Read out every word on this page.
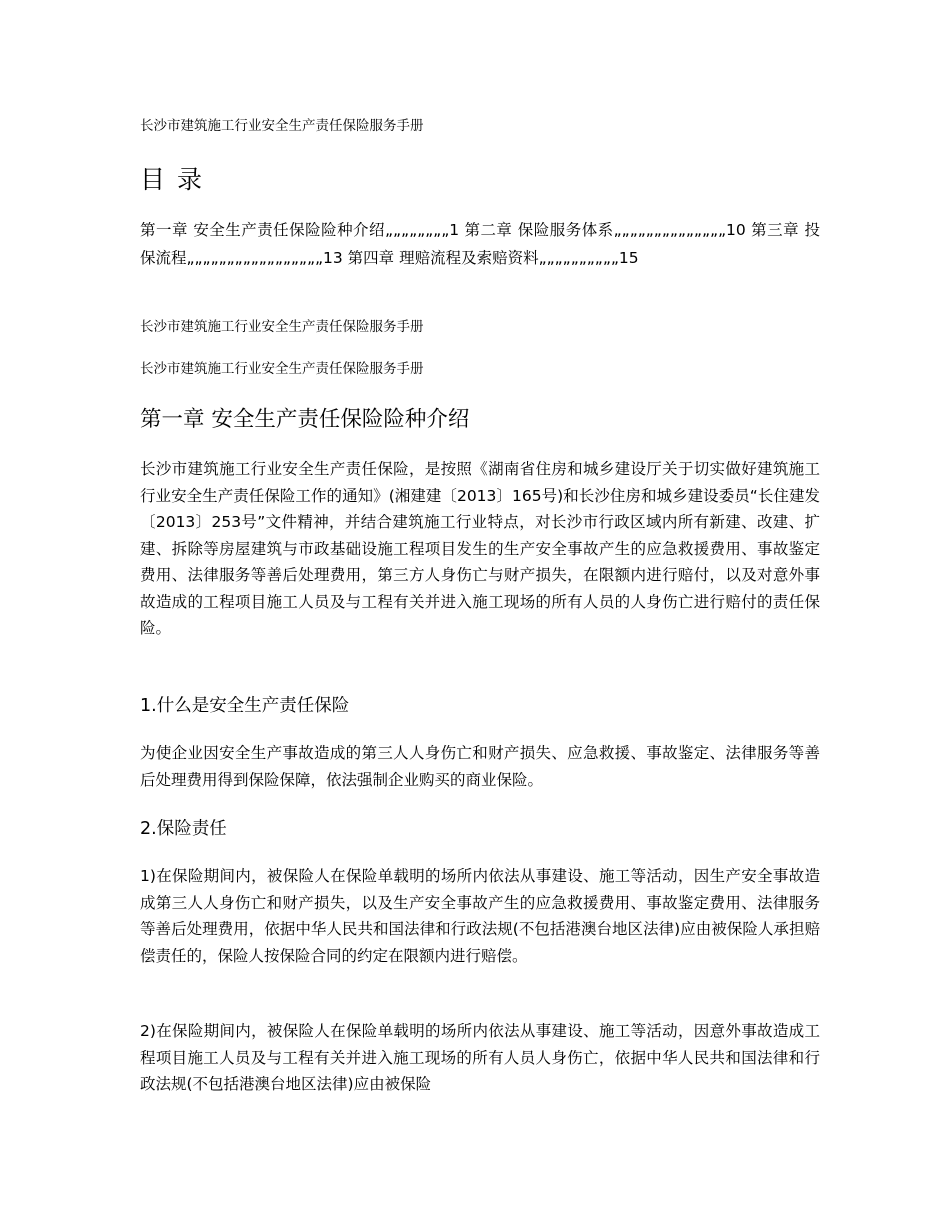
长沙市建筑施工行业安全生产责任保险服务手册
目 录
第一章 安全生产责任保险险种介绍„„„„„„„„1 第二章 保险服务体系„„„„„„„„„„„„„„10 第三章 投保流程„„„„„„„„„„„„„„„„„13 第四章 理赔流程及索赔资料„„„„„„„„„„15
长沙市建筑施工行业安全生产责任保险服务手册
长沙市建筑施工行业安全生产责任保险服务手册
第一章 安全生产责任保险险种介绍
长沙市建筑施工行业安全生产责任保险，是按照《湖南省住房和城乡建设厅关于切实做好建筑施工行业安全生产责任保险工作的通知》(湘建建〔2013〕165号)和长沙住房和城乡建设委员“长住建发〔2013〕253号”文件精神，并结合建筑施工行业特点，对长沙市行政区域内所有新建、改建、扩建、拆除等房屋建筑与市政基础设施工程项目发生的生产安全事故产生的应急救援费用、事故鉴定费用、法律服务等善后处理费用，第三方人身伤亡与财产损失，在限额内进行赔付，以及对意外事故造成的工程项目施工人员及与工程有关并进入施工现场的所有人员的人身伤亡进行赔付的责任保险。
1.什么是安全生产责任保险
为使企业因安全生产事故造成的第三人人身伤亡和财产损失、应急救援、事故鉴定、法律服务等善后处理费用得到保险保障，依法强制企业购买的商业保险。
2.保险责任
1)在保险期间内，被保险人在保险单载明的场所内依法从事建设、施工等活动，因生产安全事故造成第三人人身伤亡和财产损失，以及生产安全事故产生的应急救援费用、事故鉴定费用、法律服务等善后处理费用，依据中华人民共和国法律和行政法规(不包括港澳台地区法律)应由被保险人承担赔偿责任的，保险人按保险合同的约定在限额内进行赔偿。
2)在保险期间内，被保险人在保险单载明的场所内依法从事建设、施工等活动，因意外事故造成工程项目施工人员及与工程有关并进入施工现场的所有人员人身伤亡，依据中华人民共和国法律和行政法规(不包括港澳台地区法律)应由被保险
